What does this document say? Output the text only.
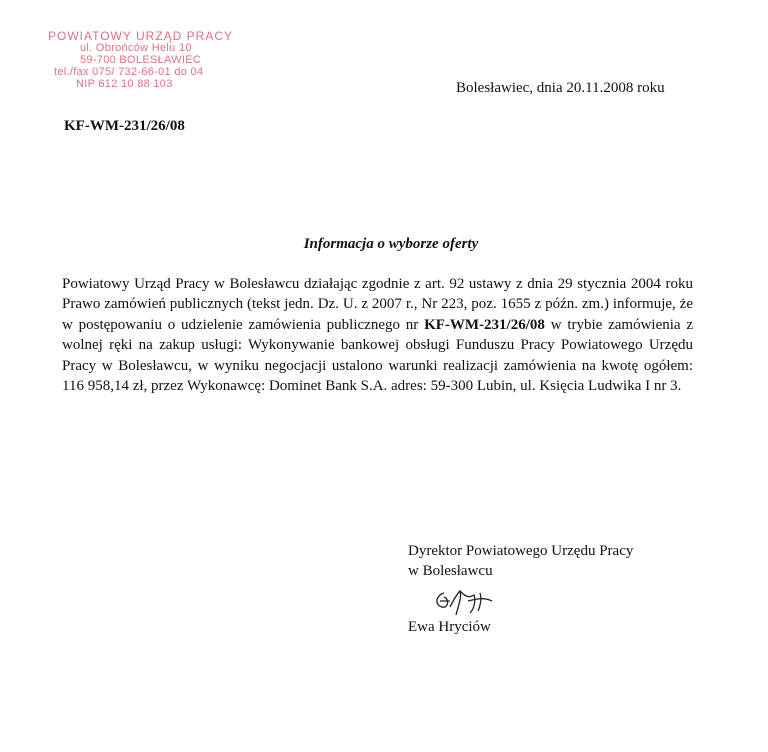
POWIATOWY URZĄD PRACY
ul. Obrońców Helu 10
59-700 BOLESŁAWIEC
tel./fax 075/ 732-66-01 do 04
NIP 612 10 88 103	Bolesławiec, dnia 20.11.2008 roku
KF-WM-231/26/08
Informacja o wyborze oferty
Powiatowy Urząd Pracy w Bolesławcu działając zgodnie z art. 92 ustawy z dnia 29 stycznia 2004 roku Prawo zamówień publicznych (tekst jedn. Dz. U. z 2007 r., Nr 223, poz. 1655 z późn. zm.) informuje, że w postępowaniu o udzielenie zamówienia publicznego nr KF-WM-231/26/08 w trybie zamówienia z wolnej ręki na zakup usługi: Wykonywanie bankowej obsługi Funduszu Pracy Powiatowego Urzędu Pracy w Bolesławcu, w wyniku negocjacji ustalono warunki realizacji zamówienia na kwotę ogółem: 116 958,14 zł, przez Wykonawcę: Dominet Bank S.A. adres: 59-300 Lubin, ul. Księcia Ludwika I nr 3.
Dyrektor Powiatowego Urzędu Pracy
w Bolesławcu
Ewa Hryciów
